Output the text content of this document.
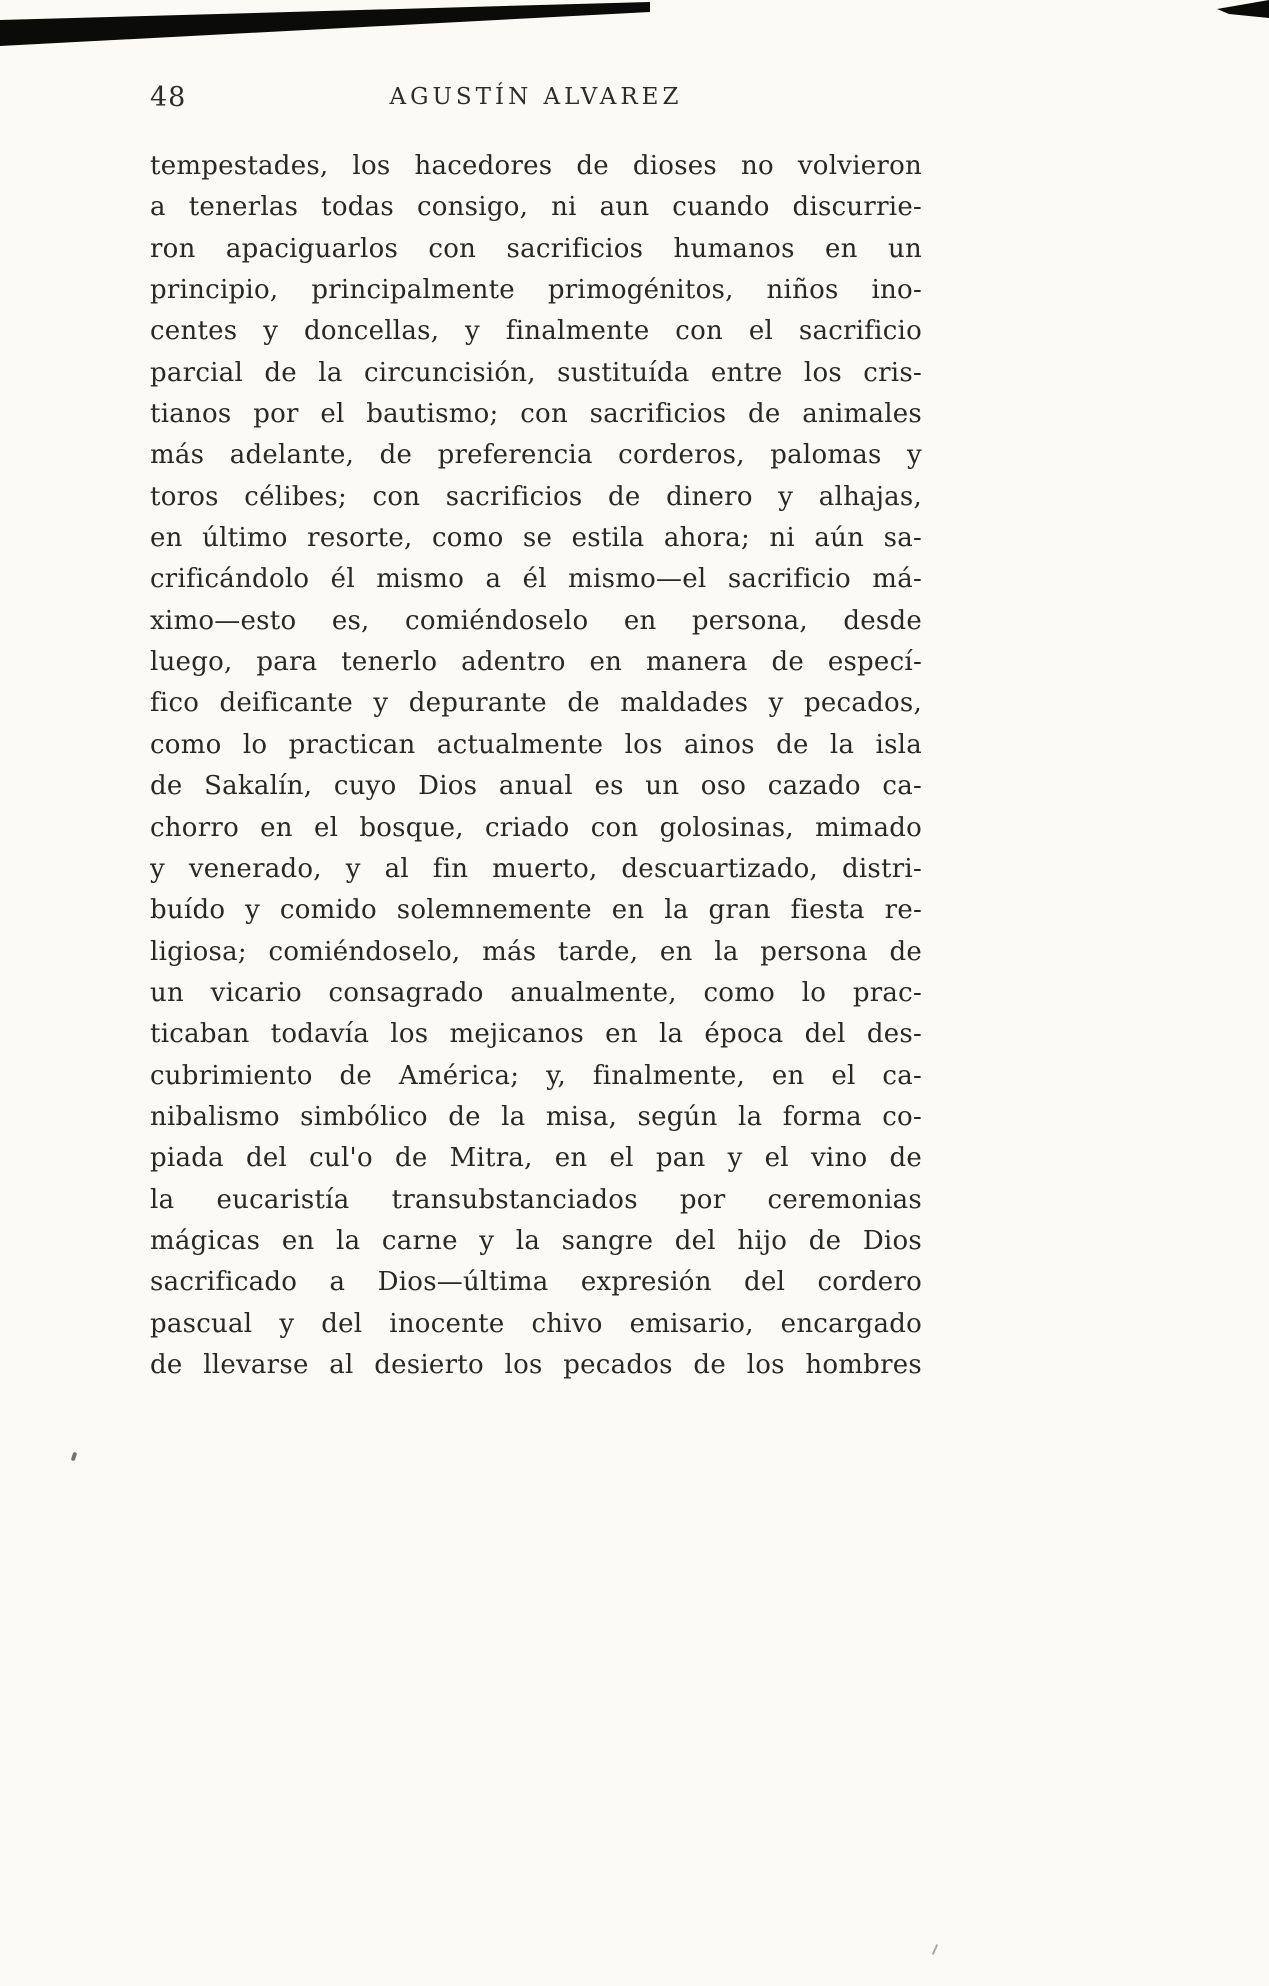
48	AGUSTÍN ALVAREZ
tempestades, los hacedores de dioses no volvieron
a tenerlas todas consigo, ni aun cuando discurrie-
ron apaciguarlos con sacrificios humanos en un
principio, principalmente primogénitos, niños ino-
centes y doncellas, y finalmente con el sacrificio
parcial de la circuncisión, sustituída entre los cris-
tianos por el bautismo; con sacrificios de animales
más adelante, de preferencia corderos, palomas y
toros célibes; con sacrificios de dinero y alhajas,
en último resorte, como se estila ahora; ni aún sa-
crificándolo él mismo a él mismo—el sacrificio má-
ximo—esto es, comiéndoselo en persona, desde
luego, para tenerlo adentro en manera de especí-
fico deificante y depurante de maldades y pecados,
como lo practican actualmente los ainos de la isla
de Sakalín, cuyo Dios anual es un oso cazado ca-
chorro en el bosque, criado con golosinas, mimado
y venerado, y al fin muerto, descuartizado, distri-
buído y comido solemnemente en la gran fiesta re-
ligiosa; comiéndoselo, más tarde, en la persona de
un vicario consagrado anualmente, como lo prac-
ticaban todavía los mejicanos en la época del des-
cubrimiento de América; y, finalmente, en el ca-
nibalismo simbólico de la misa, según la forma co-
piada del cul'o de Mitra, en el pan y el vino de
la eucaristía transubstanciados por ceremonias
mágicas en la carne y la sangre del hijo de Dios
sacrificado a Dios—última expresión del cordero
pascual y del inocente chivo emisario, encargado
de llevarse al desierto los pecados de los hombres
